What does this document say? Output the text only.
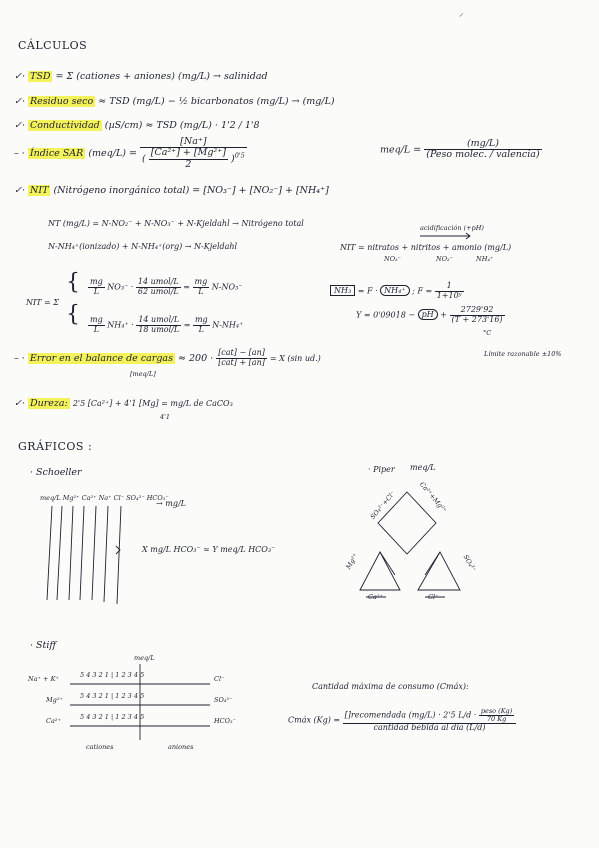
⸝
CÁLCULOS
✓· TSD = Σ (cationes + aniones) (mg/L) → salinidad
✓· Residuo seco ≈ TSD (mg/L) − ½ bicarbonatos (mg/L) → (mg/L)
✓· Conductividad (µS/cm) ≈ TSD (mg/L) · 1'2 / 1'8
– · Índice SAR $(meq/L) = \frac{[Na^+]}{( \frac{\text{[Ca²⁺] + [Mg²⁺]}}{2} )^{0'5}}$	$meq/L = \frac{(mg/L)}{\text{(Peso molec. / valencia)}}$
✓· NIT (Nitrógeno inorgánico total) = [NO₃⁻] + [NO₂⁻] + [NH₄⁺]
NT (mg/L) = N-NO₂⁻ + N-NO₃⁻ + N-Kjeldahl → Nitrógeno total
N-NH₄⁺(ionizado) + N-NH₄⁺(org) → N-Kjeldahl
acidificación (+pH)
NIT = nitratos + nitritos + amonio (mg/L)
NO₃⁻	NO₂⁻	NH₄⁺
NIT = Σ
{
{
$\frac{mg}{L} NO_3^- \cdot \frac{\text{14 umol/L}}{\text{62 umol/L}} = \frac{mg}{L} N-NO_3^-$
$\frac{mg}{L} NH_4^+ \cdot \frac{\text{14 umol/L}}{\text{18 umol/L}} = \frac{mg}{L} N-NH_4^+$
NH₃ = F · NH₄⁺ ; $F = \frac{1}{\text{1+10ʸ}}$
Y = 0'09018 − pH + $\frac{2729'92}{(T + 273'16)}$
°C
– · Error en el balance de cargas ≈ $200 \cdot \frac{\text{[cat] − [an]}}{\text{[cat] + [an]}} = X$ (sin ud.)
[meq/L]
Límite razonable ±10%
✓· Dureza: 2'5 [Ca²⁺] + 4'1 [Mg] = mg/L de CaCO₃
4'1
GRÁFICOS :
· Schoeller
meq/L Mg²⁺ Ca²⁺ Na⁺ Cl⁻ SO₄²⁻ HCO₃⁻
→ mg/L
X mg/L HCO₃⁻ ≈ Y meq/L HCO₃⁻
· Piper meq/L
Ca²⁺	Cl⁻
Mg²⁺	SO₄²⁻
SO₄²⁻+Cl⁻	Ca²⁺+Mg²⁺
· Stiff
meq/L
Na⁺ + K⁺	5 4 3 2 1 | 1 2 3 4 5	Cl⁻
Mg²⁺	5 4 3 2 1 | 1 2 3 4 5	SO₄²⁻
Ca²⁺	5 4 3 2 1 | 1 2 3 4 5	HCO₃⁻
cationes	aniones
Cantidad máxima de consumo (Cmáx):
Cmáx $(Kg) = \frac{[]recomendada (mg/L) \cdot 2'5 L/d \cdot \frac{\text{peso (Kg)}}{70 Kg}}{\text{cantidad bebida al día (L/d)}}$
